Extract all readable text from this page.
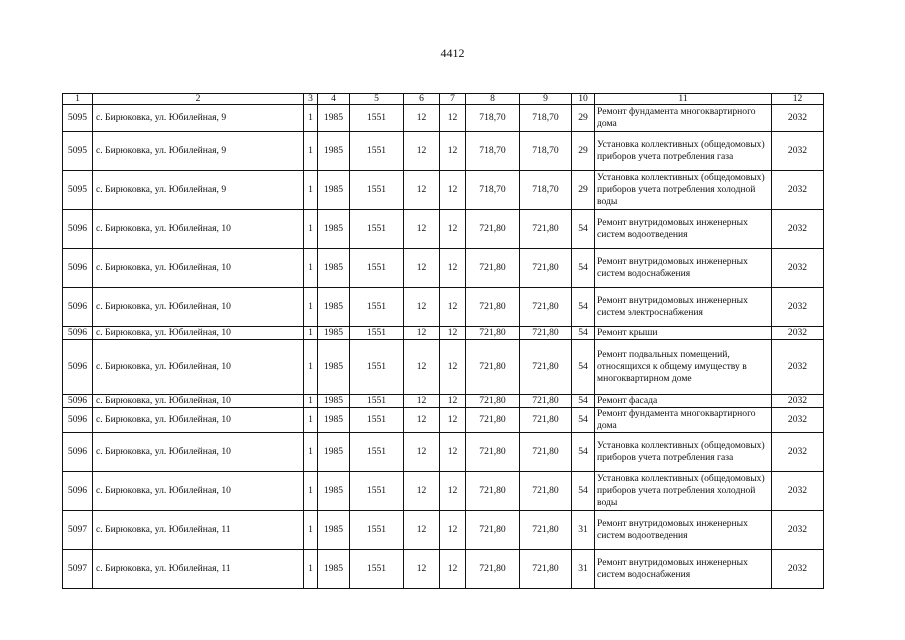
4412
1	2	3	4	5	6	7	8	9	10	11	12
5095	с. Бирюковка, ул. Юбилейная, 9	1	1985	1551	12	12	718,70	718,70	29	Ремонт фундамента многоквартирного дома	2032
5095	с. Бирюковка, ул. Юбилейная, 9	1	1985	1551	12	12	718,70	718,70	29	Установка коллективных (общедомовых) приборов учета потребления газа	2032
5095	с. Бирюковка, ул. Юбилейная, 9	1	1985	1551	12	12	718,70	718,70	29	Установка коллективных (общедомовых) приборов учета потребления холодной воды	2032
5096	с. Бирюковка, ул. Юбилейная, 10	1	1985	1551	12	12	721,80	721,80	54	Ремонт внутридомовых инженерных систем водоотведения	2032
5096	с. Бирюковка, ул. Юбилейная, 10	1	1985	1551	12	12	721,80	721,80	54	Ремонт внутридомовых инженерных систем водоснабжения	2032
5096	с. Бирюковка, ул. Юбилейная, 10	1	1985	1551	12	12	721,80	721,80	54	Ремонт внутридомовых инженерных систем электроснабжения	2032
5096	с. Бирюковка, ул. Юбилейная, 10	1	1985	1551	12	12	721,80	721,80	54	Ремонт крыши	2032
5096	с. Бирюковка, ул. Юбилейная, 10	1	1985	1551	12	12	721,80	721,80	54	Ремонт подвальных помещений, относящихся к общему имуществу в многоквартирном доме	2032
5096	с. Бирюковка, ул. Юбилейная, 10	1	1985	1551	12	12	721,80	721,80	54	Ремонт фасада	2032
5096	с. Бирюковка, ул. Юбилейная, 10	1	1985	1551	12	12	721,80	721,80	54	Ремонт фундамента многоквартирного дома	2032
5096	с. Бирюковка, ул. Юбилейная, 10	1	1985	1551	12	12	721,80	721,80	54	Установка коллективных (общедомовых) приборов учета потребления газа	2032
5096	с. Бирюковка, ул. Юбилейная, 10	1	1985	1551	12	12	721,80	721,80	54	Установка коллективных (общедомовых) приборов учета потребления холодной воды	2032
5097	с. Бирюковка, ул. Юбилейная, 11	1	1985	1551	12	12	721,80	721,80	31	Ремонт внутридомовых инженерных систем водоотведения	2032
5097	с. Бирюковка, ул. Юбилейная, 11	1	1985	1551	12	12	721,80	721,80	31	Ремонт внутридомовых инженерных систем водоснабжения	2032
